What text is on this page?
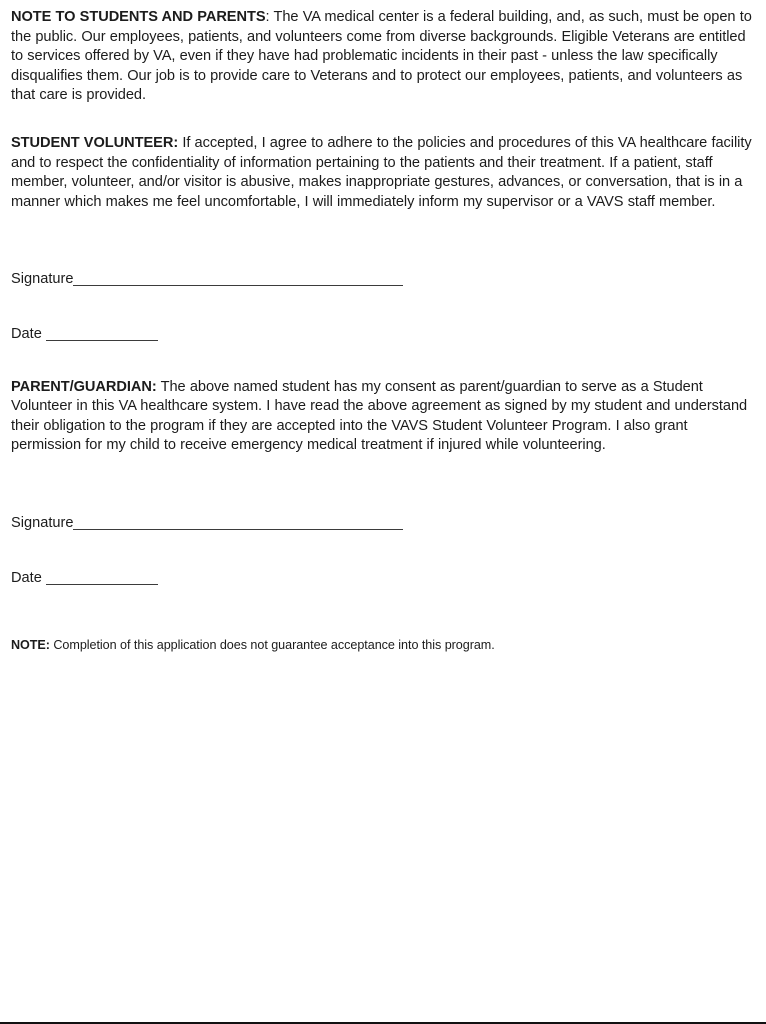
NOTE TO STUDENTS AND PARENTS: The VA medical center is a federal building, and, as such, must be open to the public. Our employees, patients, and volunteers come from diverse backgrounds. Eligible Veterans are entitled to services offered by VA, even if they have had problematic incidents in their past - unless the law specifically disqualifies them. Our job is to provide care to Veterans and to protect our employees, patients, and volunteers as that care is provided.

STUDENT VOLUNTEER: If accepted, I agree to adhere to the policies and procedures of this VA healthcare facility and to respect the confidentiality of information pertaining to the patients and their treatment. If a patient, staff member, volunteer, and/or visitor is abusive, makes inappropriate gestures, advances, or conversation, that is in a manner which makes me feel uncomfortable, I will immediately inform my supervisor or a VAVS staff member.

Signature
Date

PARENT/GUARDIAN: The above named student has my consent as parent/guardian to serve as a Student Volunteer in this VA healthcare system. I have read the above agreement as signed by my student and understand their obligation to the program if they are accepted into the VAVS Student Volunteer Program. I also grant permission for my child to receive emergency medical treatment if injured while volunteering.

Signature
Date

NOTE: Completion of this application does not guarantee acceptance into this program.
